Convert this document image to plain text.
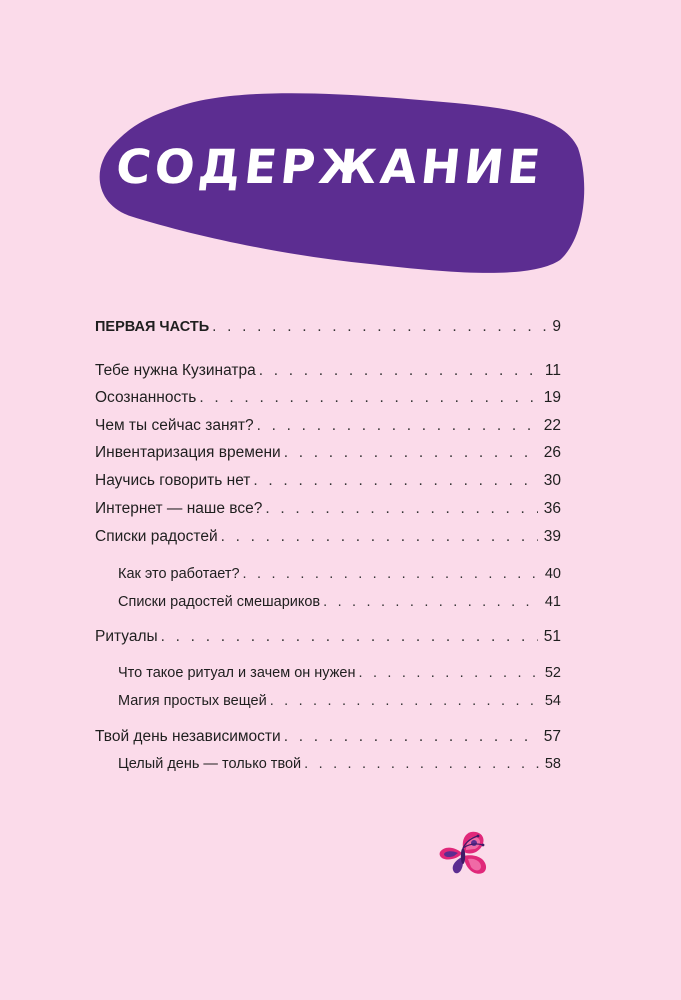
СОДЕРЖАНИЕ
ПЕРВАЯ ЧАСТЬ . . .	9
Тебе нужна Кузинатра . . .	11
Осознанность . . .	19
Чем ты сейчас занят? . . .	22
Инвентаризация времени . . .	26
Научись говорить нет . . .	30
Интернет — наше все? . . .	36
Списки радостей . . .	39
Как это работает? . . .	40
Списки радостей смешариков . . .	41
Ритуалы . . .	51
Что такое ритуал и зачем он нужен . . .	52
Магия простых вещей . . .	54
Твой день независимости . . .	57
Целый день — только твой . . .	58
